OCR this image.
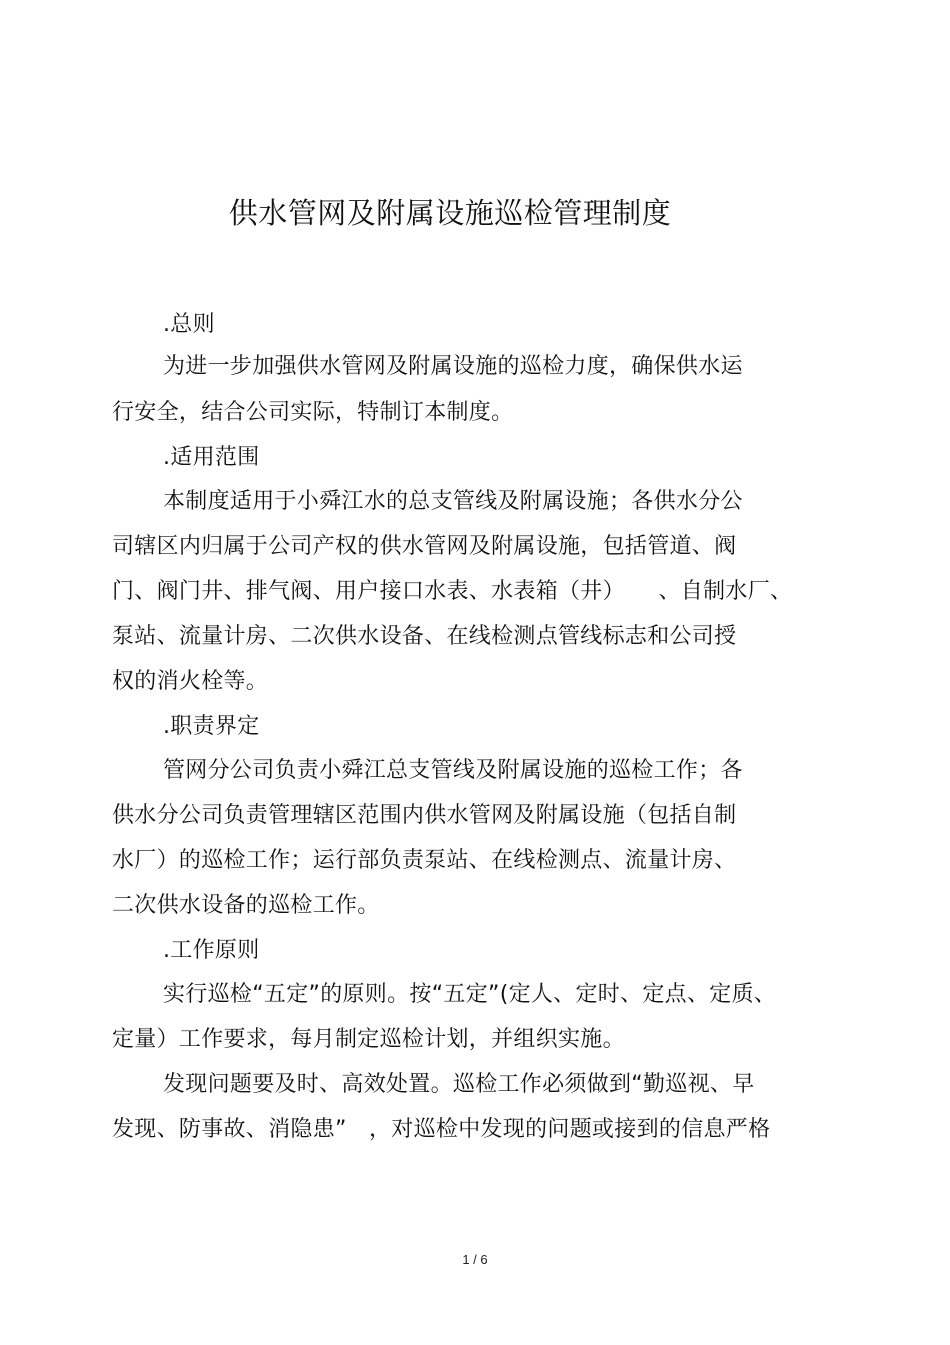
供水管网及附属设施巡检管理制度
.总则
为进一步加强供水管网及附属设施的巡检力度，确保供水运
行安全，结合公司实际，特制订本制度。
.适用范围
本制度适用于小舜江水的总支管线及附属设施；各供水分公
司辖区内归属于公司产权的供水管网及附属设施，包括管道、阀
门、阀门井、排气阀、用户接口水表、水表箱（井）　　、自制水厂、
泵站、流量计房、二次供水设备、在线检测点管线标志和公司授
权的消火栓等。
.职责界定
管网分公司负责小舜江总支管线及附属设施的巡检工作；各
供水分公司负责管理辖区范围内供水管网及附属设施（包括自制
水厂）的巡检工作；运行部负责泵站、在线检测点、流量计房、
二次供水设备的巡检工作。
.工作原则
实行巡检“五定”的原则。按“五定”(定人、定时、定点、定质、
定量）工作要求，每月制定巡检计划，并组织实施。
发现问题要及时、高效处置。巡检工作必须做到“勤巡视、早
发现、防事故、消隐患”　，对巡检中发现的问题或接到的信息严格
1 / 6
